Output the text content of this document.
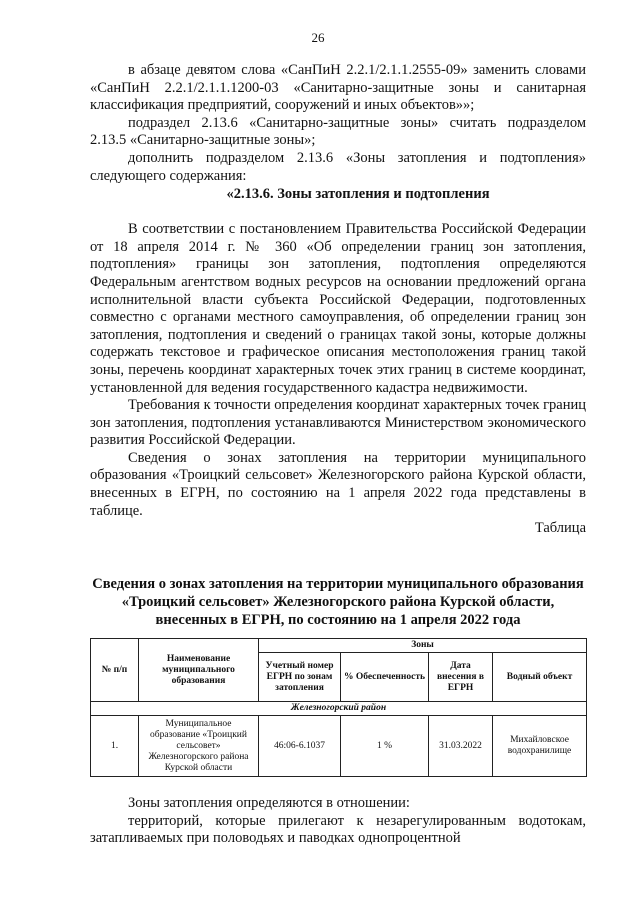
26

в абзаце девятом слова «СанПиН 2.2.1/2.1.1.2555-09» заменить словами «СанПиН 2.2.1/2.1.1.1200-03 «Санитарно-защитные зоны и санитарная классификация предприятий, сооружений и иных объектов»»;

подраздел 2.13.6 «Санитарно-защитные зоны» считать подразделом 2.13.5 «Санитарно-защитные зоны»;

дополнить подразделом 2.13.6 «Зоны затопления и подтопления» следующего содержания:

«2.13.6. Зоны затопления и подтопления

В соответствии с постановлением Правительства Российской Федерации от 18 апреля 2014 г. № 360 «Об определении границ зон затопления, подтопления» границы зон затопления, подтопления определяются Федеральным агентством водных ресурсов на основании предложений органа исполнительной власти субъекта Российской Федерации, подготовленных совместно с органами местного самоуправления, об определении границ зон затопления, подтопления и сведений о границах такой зоны, которые должны содержать текстовое и графическое описания местоположения границ такой зоны, перечень координат характерных точек этих границ в системе координат, установленной для ведения государственного кадастра недвижимости.

Требования к точности определения координат характерных точек границ зон затопления, подтопления устанавливаются Министерством экономического развития Российской Федерации.

Сведения о зонах затопления на территории муниципального образования «Троицкий сельсовет» Железногорского района Курской области, внесенных в ЕГРН, по состоянию на 1 апреля 2022 года представлены в таблице.

Таблица

Сведения о зонах затопления на территории муниципального образования «Троицкий сельсовет» Железногорского района Курской области, внесенных в ЕГРН, по состоянию на 1 апреля 2022 года
№ п/п	Наименование муниципального образования	Зоны			
		Учетный номер ЕГРН по зонам затопления	% Обеспеченность	Дата внесения в ЕГРН	Водный объект
Железногорский район					
1.	Муниципальное образование «Троицкий сельсовет» Железногорского района Курской области	46:06-6.1037	1 %	31.03.2022	Михайловское водохранилище

Зоны затопления определяются в отношении:

территорий, которые прилегают к незарегулированным водотокам, затапливаемых при половодьях и паводках однопроцентной
